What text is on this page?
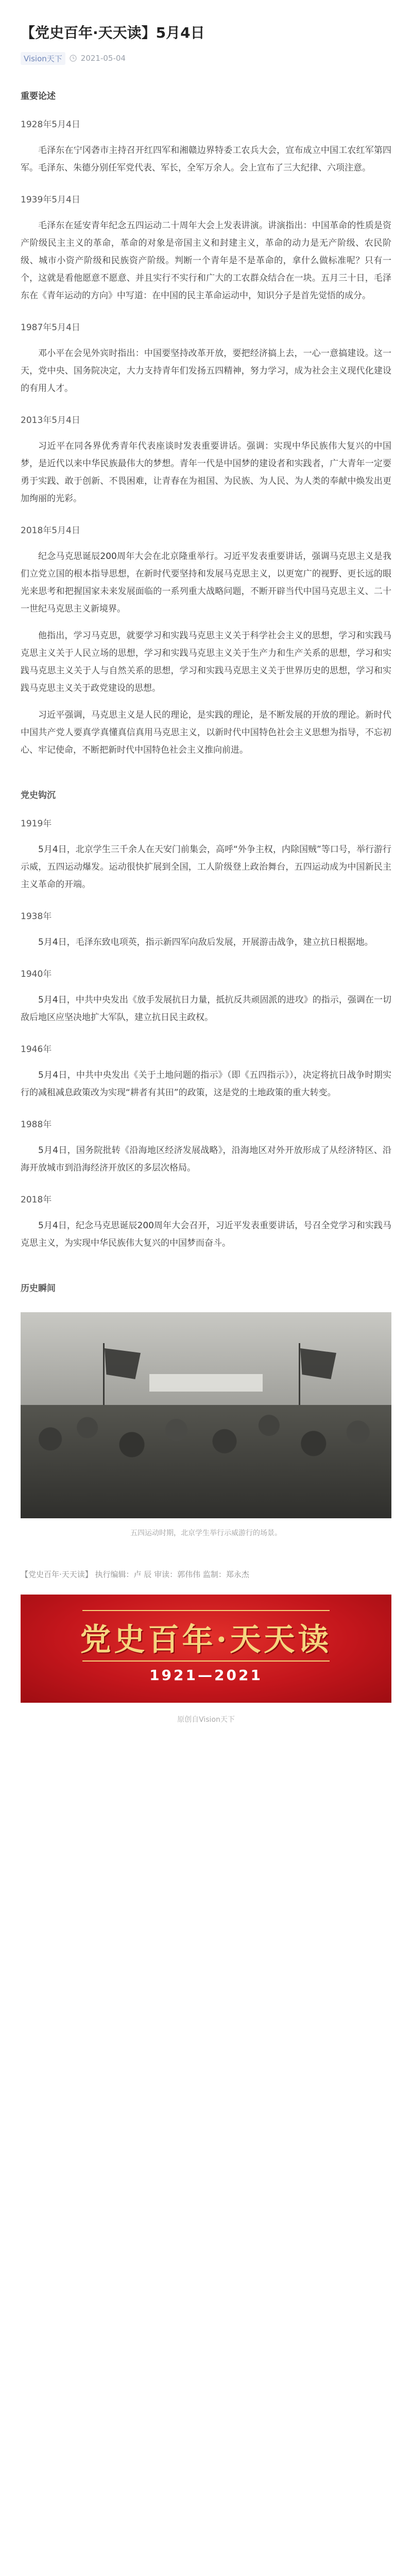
【党史百年·天天读】5月4日
Vision天下	2021-05-04
重要论述
1928年5月4日
毛泽东在宁冈砻市主持召开红四军和湘赣边界特委工农兵大会，宣布成立中国工农红军第四军。毛泽东、朱德分别任军党代表、军长，全军万余人。会上宣布了三大纪律、六项注意。
1939年5月4日
毛泽东在延安青年纪念五四运动二十周年大会上发表讲演。讲演指出：中国革命的性质是资产阶级民主主义的革命，革命的对象是帝国主义和封建主义，革命的动力是无产阶级、农民阶级、城市小资产阶级和民族资产阶级。判断一个青年是不是革命的，拿什么做标准呢？只有一个，这就是看他愿意不愿意、并且实行不实行和广大的工农群众结合在一块。五月三十日，毛泽东在《青年运动的方向》中写道：在中国的民主革命运动中，知识分子是首先觉悟的成分。
1987年5月4日
邓小平在会见外宾时指出：中国要坚持改革开放，要把经济搞上去，一心一意搞建设。这一天，党中央、国务院决定，大力支持青年们发扬五四精神，努力学习，成为社会主义现代化建设的有用人才。
2013年5月4日
习近平在同各界优秀青年代表座谈时发表重要讲话。强调：实现中华民族伟大复兴的中国梦，是近代以来中华民族最伟大的梦想。青年一代是中国梦的建设者和实践者，广大青年一定要勇于实践、敢于创新、不畏困难，让青春在为祖国、为民族、为人民、为人类的奉献中焕发出更加绚丽的光彩。
2018年5月4日
纪念马克思诞辰200周年大会在北京隆重举行。习近平发表重要讲话，强调马克思主义是我们立党立国的根本指导思想，在新时代要坚持和发展马克思主义，以更宽广的视野、更长远的眼光来思考和把握国家未来发展面临的一系列重大战略问题，不断开辟当代中国马克思主义、二十一世纪马克思主义新境界。
他指出，学习马克思，就要学习和实践马克思主义关于科学社会主义的思想，学习和实践马克思主义关于人民立场的思想，学习和实践马克思主义关于生产力和生产关系的思想，学习和实践马克思主义关于人与自然关系的思想，学习和实践马克思主义关于世界历史的思想，学习和实践马克思主义关于政党建设的思想。
习近平强调，马克思主义是人民的理论，是实践的理论，是不断发展的开放的理论。新时代中国共产党人要真学真懂真信真用马克思主义，以新时代中国特色社会主义思想为指导，不忘初心、牢记使命，不断把新时代中国特色社会主义推向前进。
党史钩沉
1919年
5月4日，北京学生三千余人在天安门前集会，高呼“外争主权，内除国贼”等口号，举行游行示威，五四运动爆发。运动很快扩展到全国，工人阶级登上政治舞台，五四运动成为中国新民主主义革命的开端。
1938年
5月4日，毛泽东致电项英，指示新四军向敌后发展，开展游击战争，建立抗日根据地。
1940年
5月4日，中共中央发出《放手发展抗日力量，抵抗反共顽固派的进攻》的指示，强调在一切敌后地区应坚决地扩大军队，建立抗日民主政权。
1946年
5月4日，中共中央发出《关于土地问题的指示》（即《五四指示》），决定将抗日战争时期实行的减租减息政策改为实现“耕者有其田”的政策，这是党的土地政策的重大转变。
1988年
5月4日，国务院批转《沿海地区经济发展战略》，沿海地区对外开放形成了从经济特区、沿海开放城市到沿海经济开放区的多层次格局。
2018年
5月4日，纪念马克思诞辰200周年大会召开，习近平发表重要讲话，号召全党学习和实践马克思主义，为实现中华民族伟大复兴的中国梦而奋斗。
历史瞬间
五四运动时期，北京学生举行示威游行的场景。
【党史百年·天天读】 执行编辑：卢 辰 审读：郭伟伟 监制：郑永杰
党史百年·天天读
1921—2021
原创自Vision天下
